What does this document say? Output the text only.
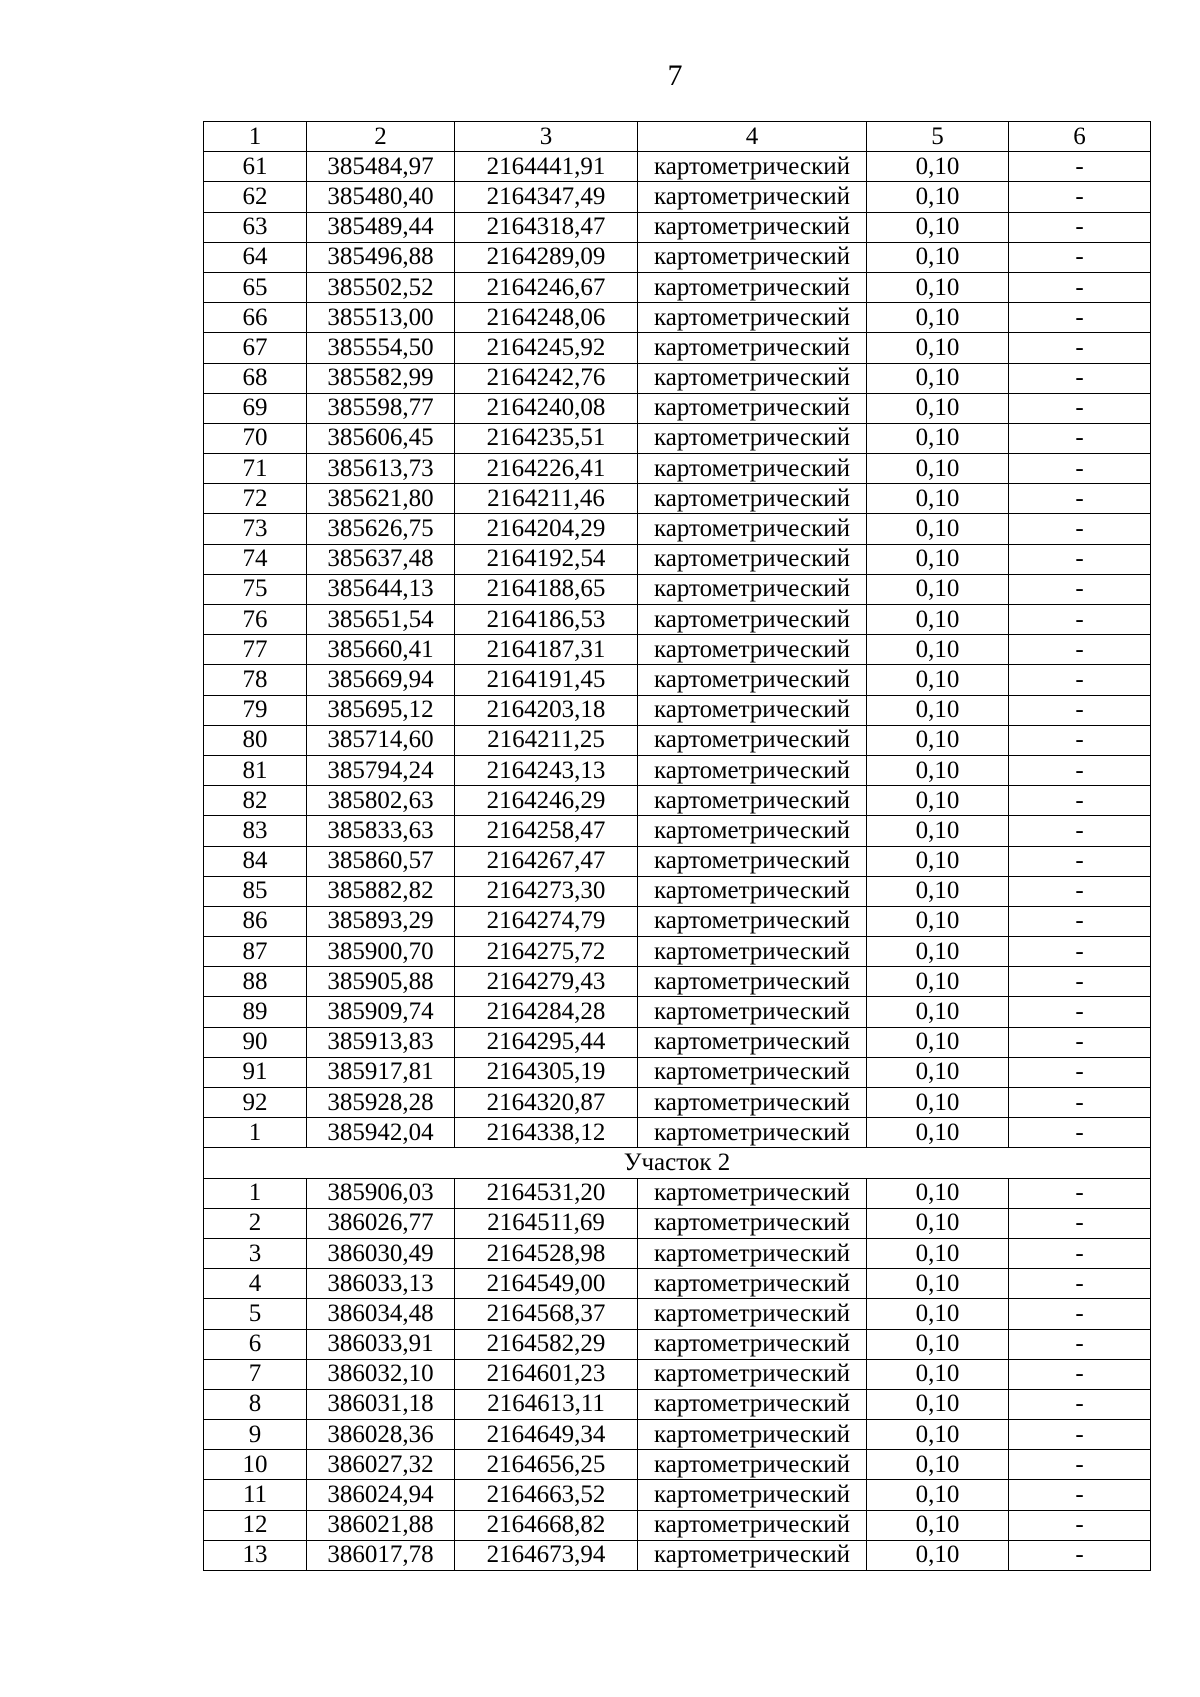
7
1	2	3	4	5	6
61	385484,97	2164441,91	картометрический	0,10	-
62	385480,40	2164347,49	картометрический	0,10	-
63	385489,44	2164318,47	картометрический	0,10	-
64	385496,88	2164289,09	картометрический	0,10	-
65	385502,52	2164246,67	картометрический	0,10	-
66	385513,00	2164248,06	картометрический	0,10	-
67	385554,50	2164245,92	картометрический	0,10	-
68	385582,99	2164242,76	картометрический	0,10	-
69	385598,77	2164240,08	картометрический	0,10	-
70	385606,45	2164235,51	картометрический	0,10	-
71	385613,73	2164226,41	картометрический	0,10	-
72	385621,80	2164211,46	картометрический	0,10	-
73	385626,75	2164204,29	картометрический	0,10	-
74	385637,48	2164192,54	картометрический	0,10	-
75	385644,13	2164188,65	картометрический	0,10	-
76	385651,54	2164186,53	картометрический	0,10	-
77	385660,41	2164187,31	картометрический	0,10	-
78	385669,94	2164191,45	картометрический	0,10	-
79	385695,12	2164203,18	картометрический	0,10	-
80	385714,60	2164211,25	картометрический	0,10	-
81	385794,24	2164243,13	картометрический	0,10	-
82	385802,63	2164246,29	картометрический	0,10	-
83	385833,63	2164258,47	картометрический	0,10	-
84	385860,57	2164267,47	картометрический	0,10	-
85	385882,82	2164273,30	картометрический	0,10	-
86	385893,29	2164274,79	картометрический	0,10	-
87	385900,70	2164275,72	картометрический	0,10	-
88	385905,88	2164279,43	картометрический	0,10	-
89	385909,74	2164284,28	картометрический	0,10	-
90	385913,83	2164295,44	картометрический	0,10	-
91	385917,81	2164305,19	картометрический	0,10	-
92	385928,28	2164320,87	картометрический	0,10	-
1	385942,04	2164338,12	картометрический	0,10	-
Участок 2					
1	385906,03	2164531,20	картометрический	0,10	-
2	386026,77	2164511,69	картометрический	0,10	-
3	386030,49	2164528,98	картометрический	0,10	-
4	386033,13	2164549,00	картометрический	0,10	-
5	386034,48	2164568,37	картометрический	0,10	-
6	386033,91	2164582,29	картометрический	0,10	-
7	386032,10	2164601,23	картометрический	0,10	-
8	386031,18	2164613,11	картометрический	0,10	-
9	386028,36	2164649,34	картометрический	0,10	-
10	386027,32	2164656,25	картометрический	0,10	-
11	386024,94	2164663,52	картометрический	0,10	-
12	386021,88	2164668,82	картометрический	0,10	-
13	386017,78	2164673,94	картометрический	0,10	-
